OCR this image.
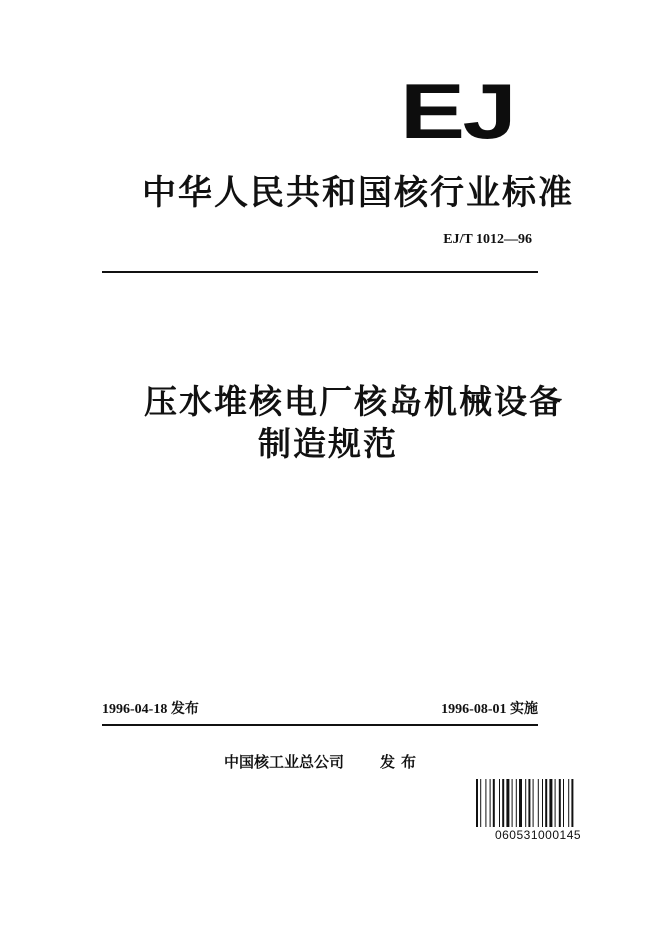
EJ
中华人民共和国核行业标准
EJ/T 1012—96
压水堆核电厂核岛机械设备
制造规范
1996-04-18 发布	1996-08-01 实施
中国核工业总公司 发布
060531000145
